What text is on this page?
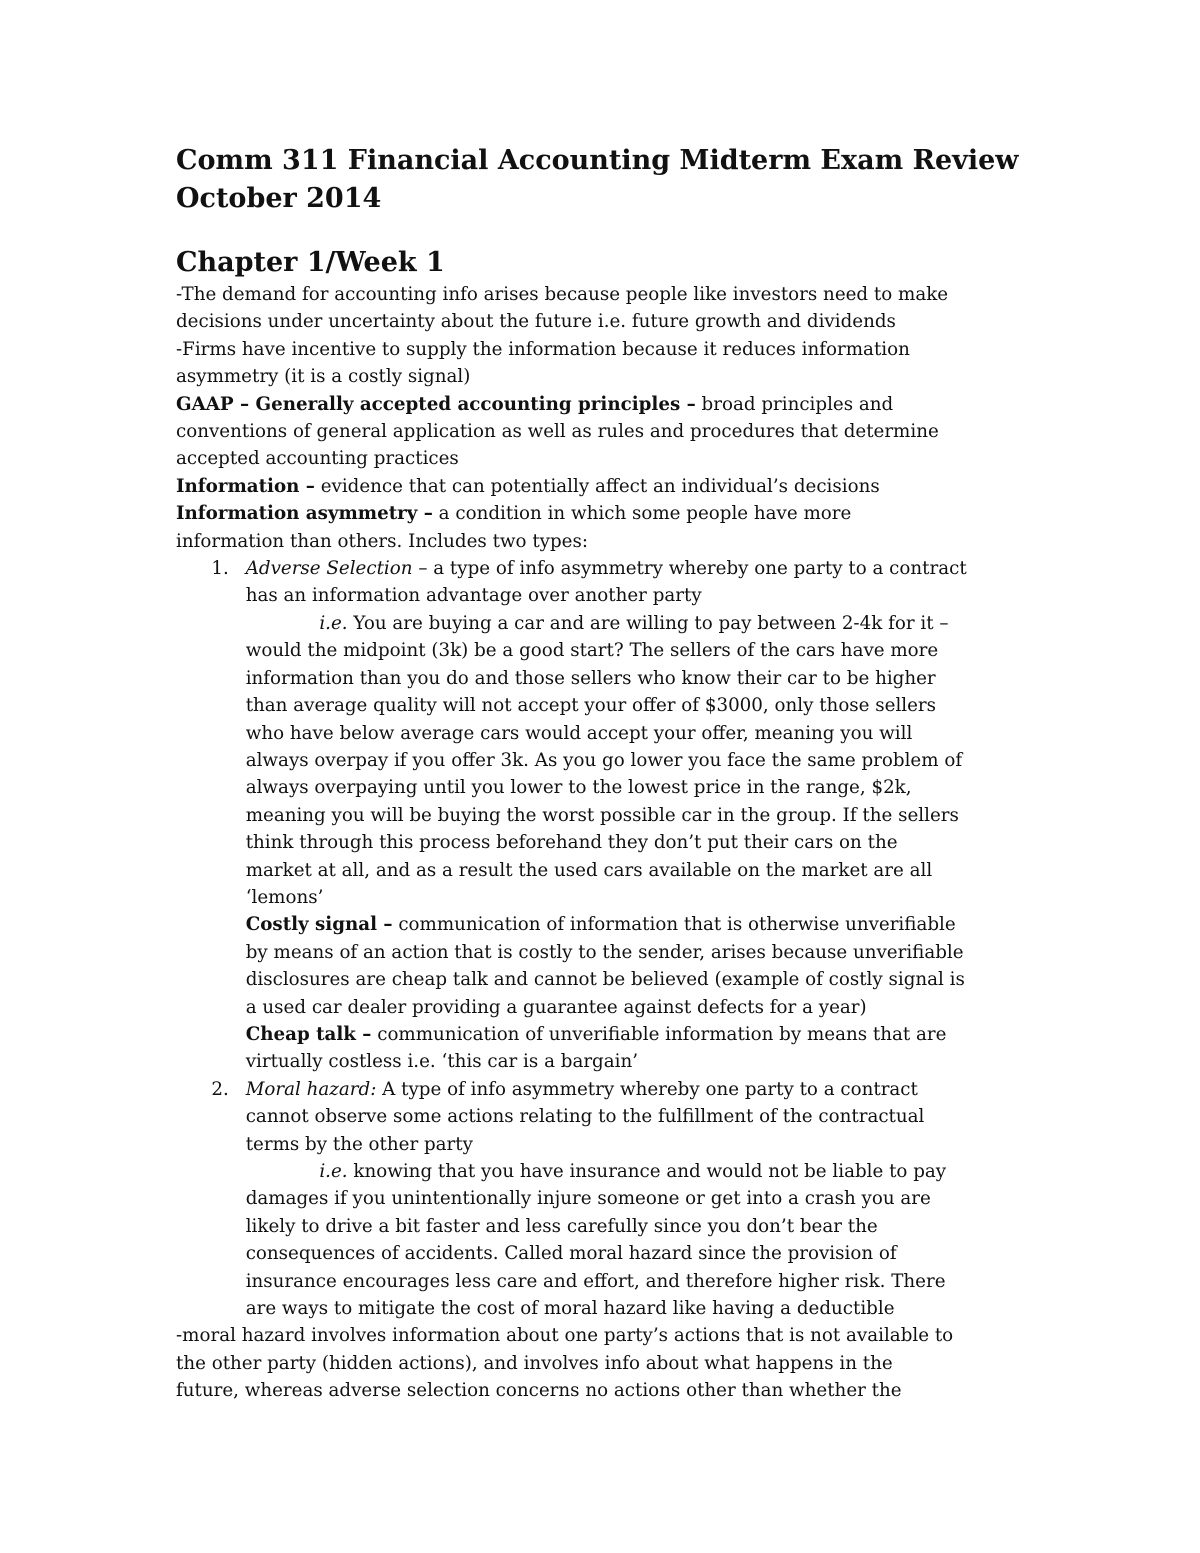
Comm 311 Financial Accounting Midterm Exam Review
October 2014
Chapter 1/Week 1
-The demand for accounting info arises because people like investors need to make
decisions under uncertainty about the future i.e. future growth and dividends
-Firms have incentive to supply the information because it reduces information
asymmetry (it is a costly signal)
GAAP – Generally accepted accounting principles – broad principles and
conventions of general application as well as rules and procedures that determine
accepted accounting practices
Information – evidence that can potentially affect an individual’s decisions
Information asymmetry – a condition in which some people have more
information than others. Includes two types:
1. Adverse Selection – a type of info asymmetry whereby one party to a contract
has an information advantage over another party
i.e. You are buying a car and are willing to pay between 2-4k for it –
would the midpoint (3k) be a good start? The sellers of the cars have more
information than you do and those sellers who know their car to be higher
than average quality will not accept your offer of $3000, only those sellers
who have below average cars would accept your offer, meaning you will
always overpay if you offer 3k. As you go lower you face the same problem of
always overpaying until you lower to the lowest price in the range, $2k,
meaning you will be buying the worst possible car in the group. If the sellers
think through this process beforehand they don’t put their cars on the
market at all, and as a result the used cars available on the market are all
‘lemons’
Costly signal – communication of information that is otherwise unverifiable
by means of an action that is costly to the sender, arises because unverifiable
disclosures are cheap talk and cannot be believed (example of costly signal is
a used car dealer providing a guarantee against defects for a year)
Cheap talk – communication of unverifiable information by means that are
virtually costless i.e. ‘this car is a bargain’
2. Moral hazard: A type of info asymmetry whereby one party to a contract
cannot observe some actions relating to the fulfillment of the contractual
terms by the other party
i.e. knowing that you have insurance and would not be liable to pay
damages if you unintentionally injure someone or get into a crash you are
likely to drive a bit faster and less carefully since you don’t bear the
consequences of accidents. Called moral hazard since the provision of
insurance encourages less care and effort, and therefore higher risk. There
are ways to mitigate the cost of moral hazard like having a deductible
-moral hazard involves information about one party’s actions that is not available to
the other party (hidden actions), and involves info about what happens in the
future, whereas adverse selection concerns no actions other than whether the
